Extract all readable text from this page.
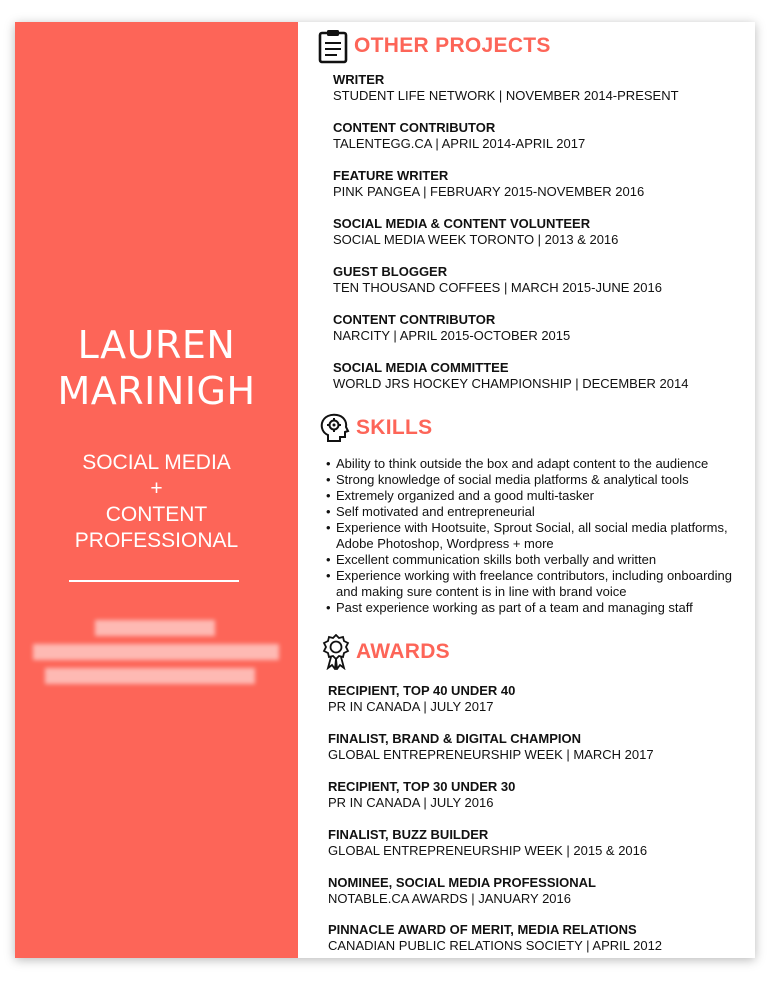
LAUREN
MARINIGH
SOCIAL MEDIA
+
CONTENT
PROFESSIONAL
OTHER PROJECTS
WRITER
STUDENT LIFE NETWORK | NOVEMBER 2014-PRESENT
CONTENT CONTRIBUTOR
TALENTEGG.CA | APRIL 2014-APRIL 2017
FEATURE WRITER
PINK PANGEA | FEBRUARY 2015-NOVEMBER 2016
SOCIAL MEDIA & CONTENT VOLUNTEER
SOCIAL MEDIA WEEK TORONTO | 2013 & 2016
GUEST BLOGGER
TEN THOUSAND COFFEES | MARCH 2015-JUNE 2016
CONTENT CONTRIBUTOR
NARCITY | APRIL 2015-OCTOBER 2015
SOCIAL MEDIA COMMITTEE
WORLD JRS HOCKEY CHAMPIONSHIP | DECEMBER 2014
SKILLS
• Ability to think outside the box and adapt content to the audience
• Strong knowledge of social media platforms & analytical tools
• Extremely organized and a good multi-tasker
• Self motivated and entrepreneurial
• Experience with Hootsuite, Sprout Social, all social media platforms, Adobe Photoshop, Wordpress + more
• Excellent communication skills both verbally and written
• Experience working with freelance contributors, including onboarding and making sure content is in line with brand voice
• Past experience working as part of a team and managing staff
AWARDS
RECIPIENT, TOP 40 UNDER 40
PR IN CANADA | JULY 2017
FINALIST, BRAND & DIGITAL CHAMPION
GLOBAL ENTREPRENEURSHIP WEEK | MARCH 2017
RECIPIENT, TOP 30 UNDER 30
PR IN CANADA | JULY 2016
FINALIST, BUZZ BUILDER
GLOBAL ENTREPRENEURSHIP WEEK | 2015 & 2016
NOMINEE, SOCIAL MEDIA PROFESSIONAL
NOTABLE.CA AWARDS | JANUARY 2016
PINNACLE AWARD OF MERIT, MEDIA RELATIONS
CANADIAN PUBLIC RELATIONS SOCIETY | APRIL 2012
